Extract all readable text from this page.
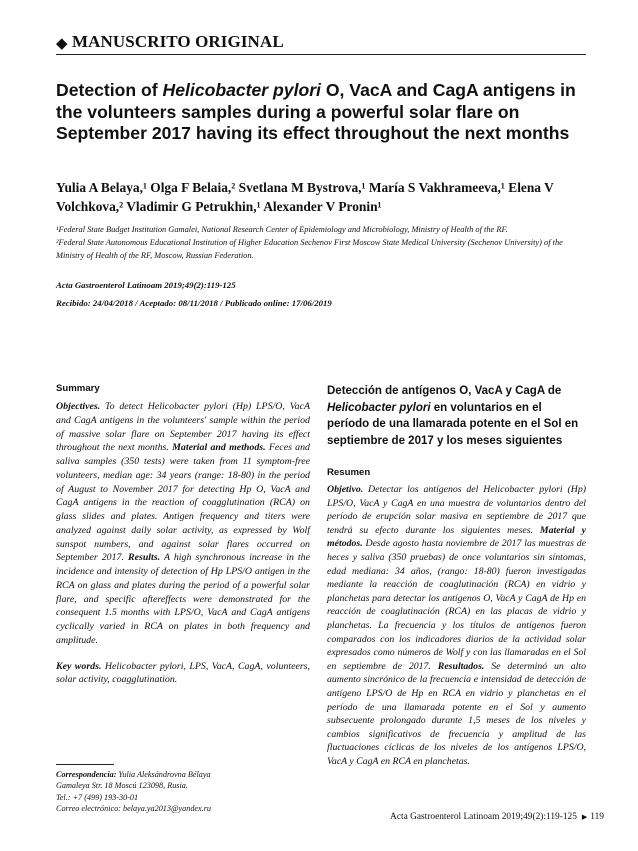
◆ MANUSCRITO ORIGINAL
Detection of Helicobacter pylori O, VacA and CagA antigens in the volunteers samples during a powerful solar flare on September 2017 having its effect throughout the next months

Yulia A Belaya,¹ Olga F Belaia,² Svetlana M Bystrova,¹ María S Vakhrameeva,¹ Elena V Volchkova,² Vladimir G Petrukhin,¹ Alexander V Pronin¹

¹Federal State Budget Institution Gamalei, National Research Center of Epidemiology and Microbiology, Ministry of Health of the RF.

²Federal State Autonomous Educational Institution of Higher Education Sechenov First Moscow State Medical University (Sechenov University) of the Ministry of Health of the RF, Moscow, Russian Federation.

Acta Gastroenterol Latinoam 2019;49(2):119-125

Recibido: 24/04/2018 / Aceptado: 08/11/2018 / Publicado online: 17/06/2019

Summary

Objectives. To detect Helicobacter pylori (Hp) LPS/O, VacA and CagA antigens in the volunteers' sample within the period of massive solar flare on September 2017 having its effect throughout the next months. Material and methods. Feces and saliva samples (350 tests) were taken from 11 symptom-free volunteers, median age: 34 years (range: 18-80) in the period of August to November 2017 for detecting Hp O, VacA and CagA antigens in the reaction of coagglutination (RCA) on glass slides and plates. Antigen frequency and titers were analyzed against daily solar activity, as expressed by Wolf sunspot numbers, and against solar flares occurred on September 2017. Results. A high synchronous increase in the incidence and intensity of detection of Hp LPS/O antigen in the RCA on glass and plates during the period of a powerful solar flare, and specific aftereffects were demonstrated for the consequent 1.5 months with LPS/O, VacA and CagA antigens cyclically varied in RCA on plates in both frequency and amplitude.

Key words. Helicobacter pylori, LPS, VacA, CagA, volunteers, solar activity, coagglutination.

Correspondencia: Yulia Aleksándrovna Bélaya

Gamaleya Str. 18 Moscú 123098, Rusia.

Tel.: +7 (499) 193-30-01

Correo electrónico: belaya.ya2013@yandex.ru

Detección de antígenos O, VacA y CagA de Helicobacter pylori en voluntarios en el período de una llamarada potente en el Sol en septiembre de 2017 y los meses siguientes

Resumen

Objetivo. Detectar los antígenos del Helicobacter pylori (Hp) LPS/O, VacA y CagA en una muestra de voluntarios dentro del período de erupción solar masiva en septiembre de 2017 que tendrá su efecto durante los siguientes meses. Material y métodos. Desde agosto hasta noviembre de 2017 las muestras de heces y saliva (350 pruebas) de once voluntarios sin síntomas, edad mediana: 34 años, (rango: 18-80) fueron investigadas mediante la reacción de coaglutinación (RCA) en vidrio y planchetas para detectar los antígenos O, VacA y CagA de Hp en reacción de coaglutinación (RCA) en las placas de vidrio y planchetas. La frecuencia y los títulos de antígenos fueron comparados con los indicadores diarios de la actividad solar expresados como números de Wolf y con las llamaradas en el Sol en septiembre de 2017. Resultados. Se determinó un alto aumento sincrónico de la frecuencia e intensidad de detección de antígeno LPS/O de Hp en RCA en vidrio y planchetas en el período de una llamarada potente en el Sol y aumento subsecuente prolongado durante 1,5 meses de los niveles y cambios significativos de frecuencia y amplitud de las fluctuaciones cíclicas de los niveles de los antígenos LPS/O, VacA y CagA en RCA en planchetas.

Acta Gastroenterol Latinoam 2019;49(2):119-125 ▶ 119
